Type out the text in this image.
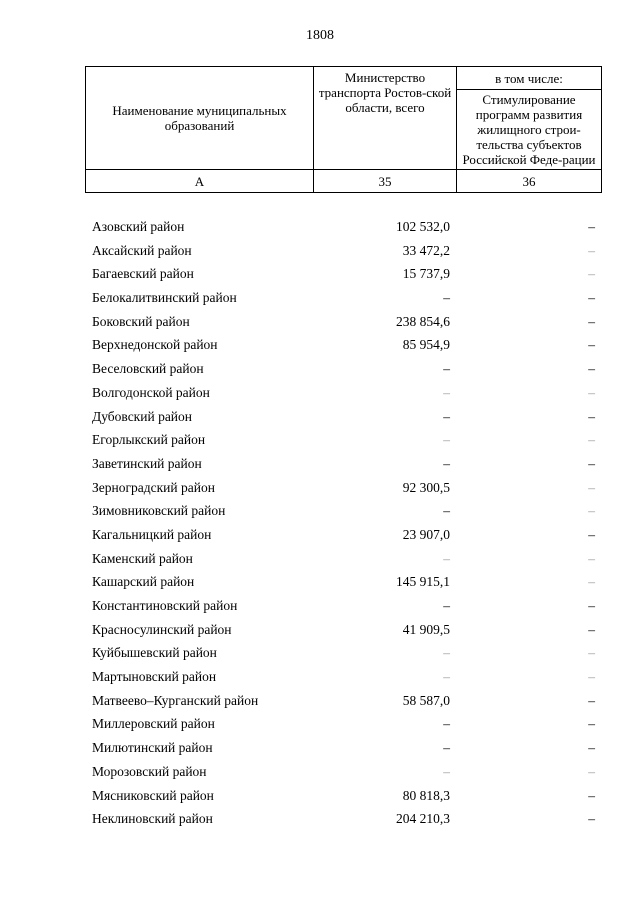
1808
Наименование муниципальных образований	Министерство транспорта Ростов-ской области, всего	в том числе:
		Стимулирование программ развития жилищного строи-тельства субъектов Российской Феде-рации
А	35	36
Азовский район	102 532,0	–
Аксайский район	33 472,2	–
Багаевский район	15 737,9	–
Белокалитвинский район	–	–
Боковский район	238 854,6	–
Верхнедонской район	85 954,9	–
Веселовский район	–	–
Волгодонской район	–	–
Дубовский район	–	–
Егорлыкский район	–	–
Заветинский район	–	–
Зерноградский район	92 300,5	–
Зимовниковский район	–	–
Кагальницкий район	23 907,0	–
Каменский район	–	–
Кашарский район	145 915,1	–
Константиновский район	–	–
Красносулинский район	41 909,5	–
Куйбышевский район	–	–
Мартыновский район	–	–
Матвеево–Курганский район	58 587,0	–
Миллеровский район	–	–
Милютинский район	–	–
Морозовский район	–	–
Мясниковский район	80 818,3	–
Неклиновский район	204 210,3	–
